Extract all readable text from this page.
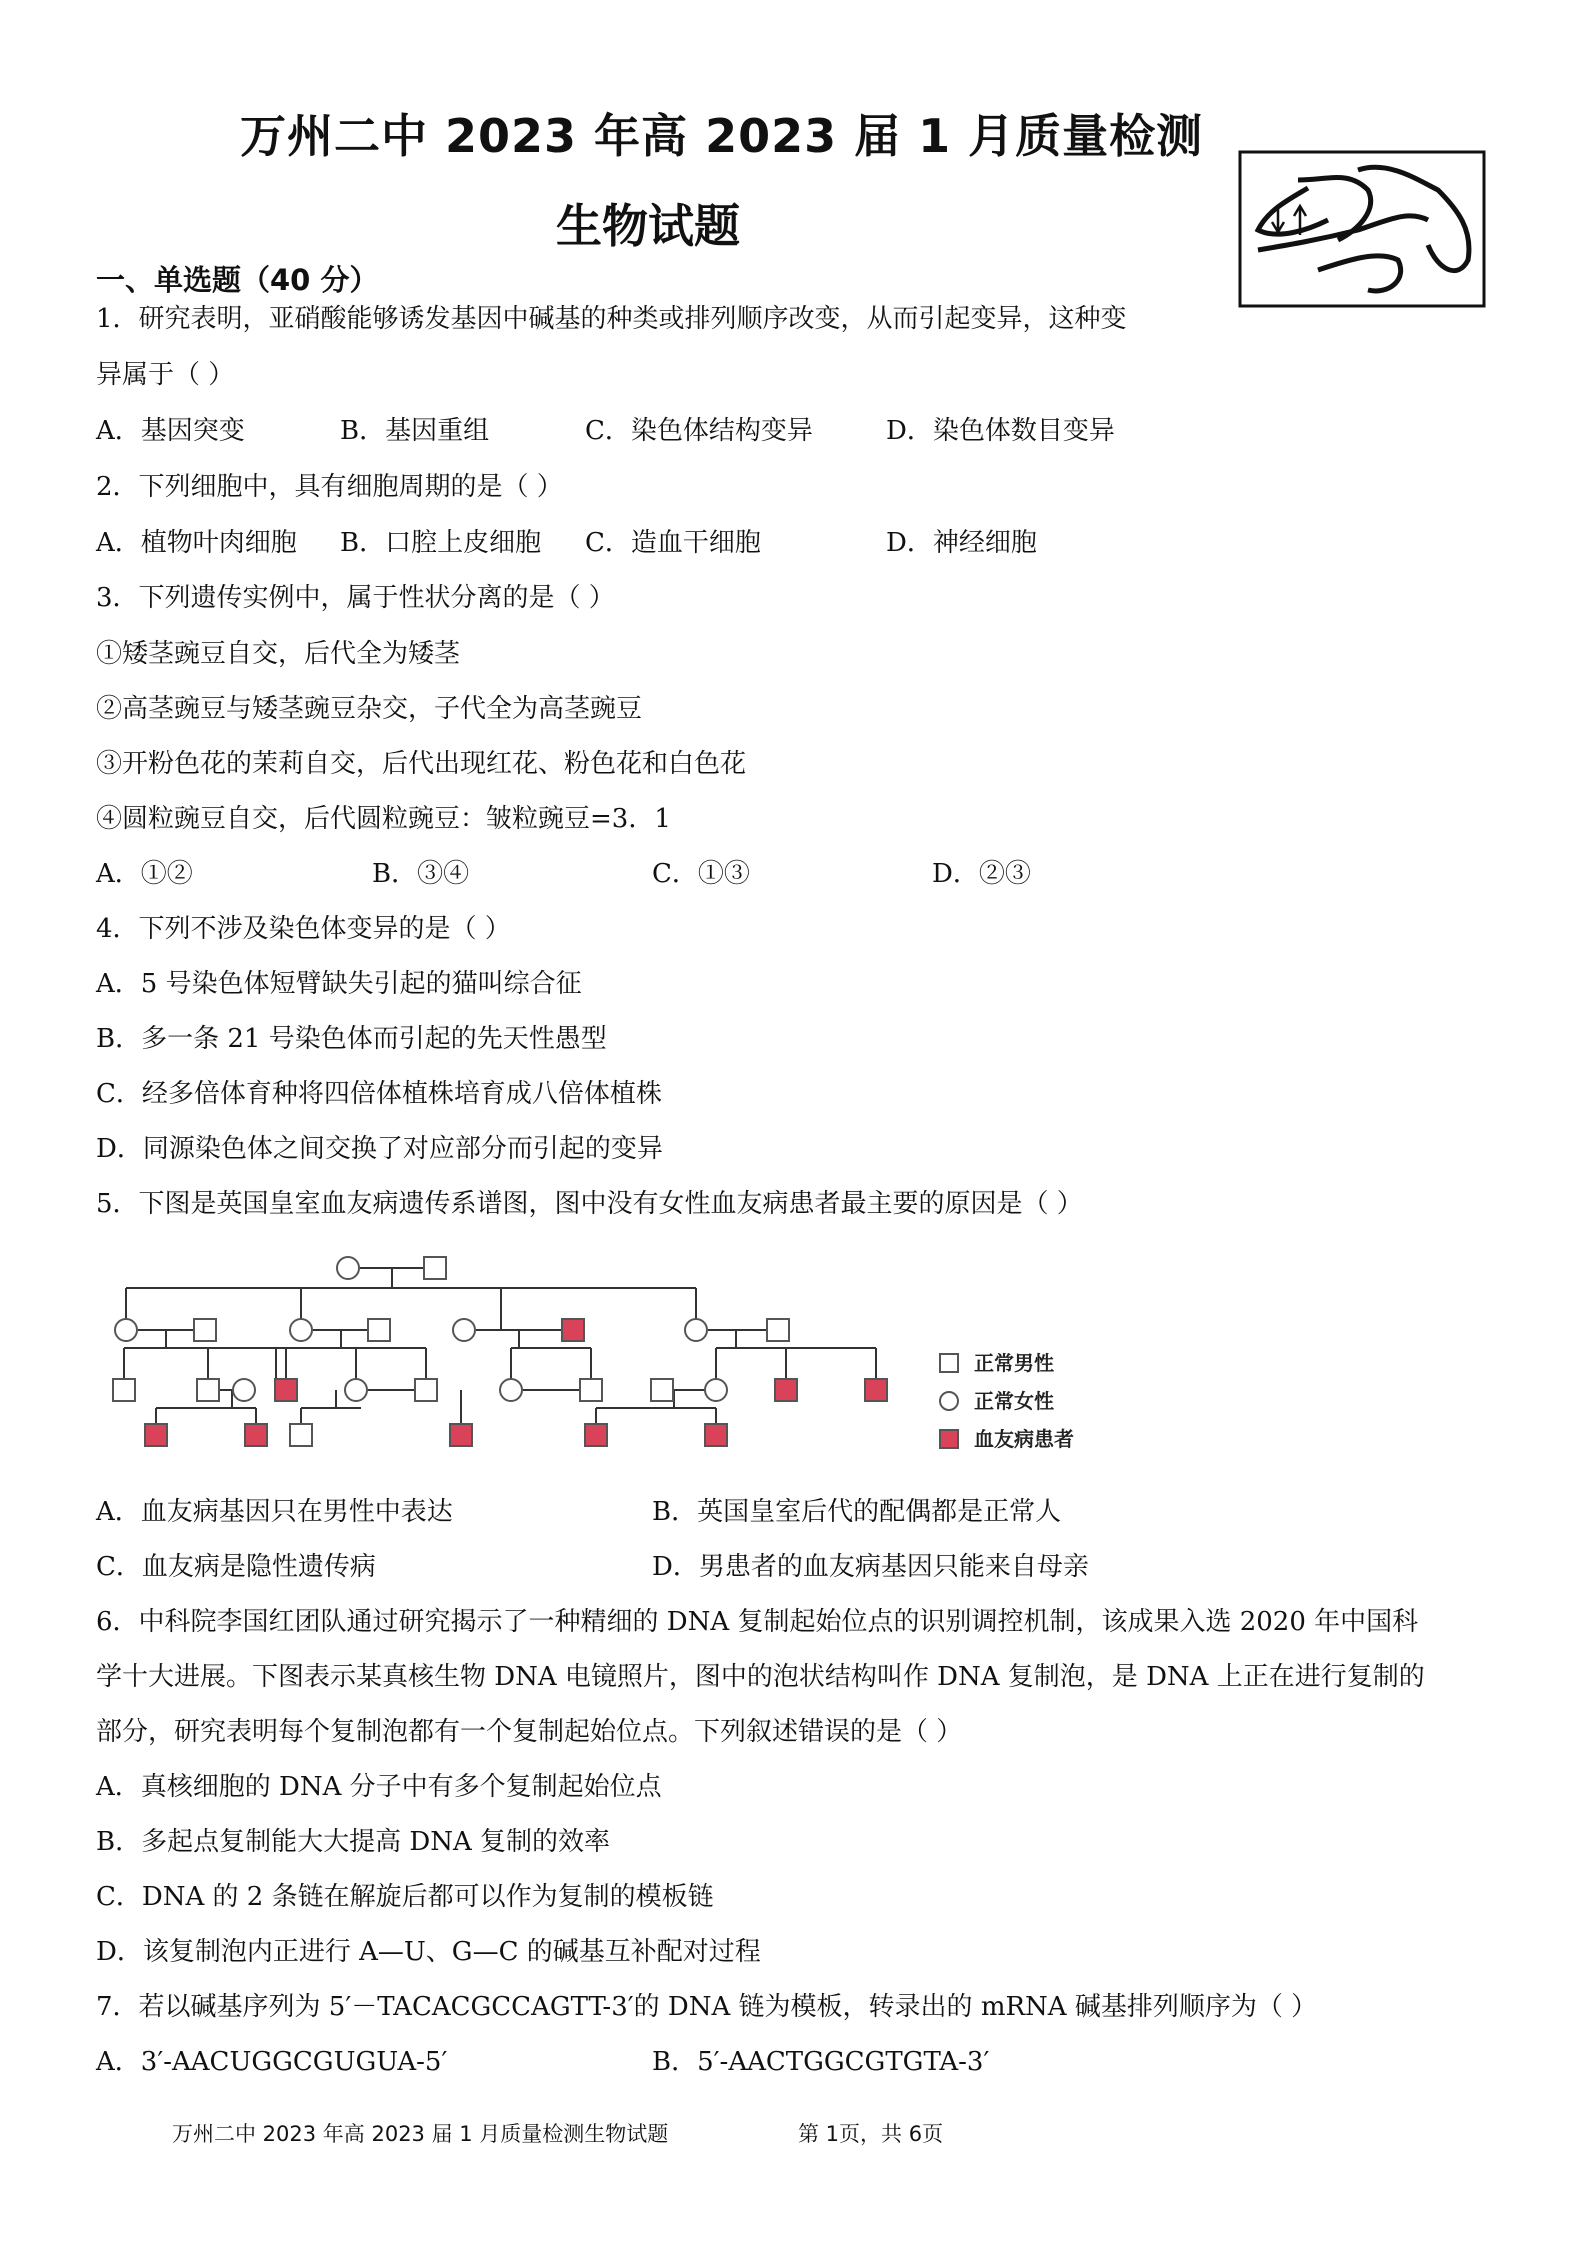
万州二中 2023 年高 2023 届 1 月质量检测
生物试题
一、单选题（40 分）
1．研究表明，亚硝酸能够诱发基因中碱基的种类或排列顺序改变，从而引起变异，这种变
异属于（ ）
A．基因突变	B．基因重组	C．染色体结构变异	D．染色体数目变异
2．下列细胞中，具有细胞周期的是（ ）
A．植物叶肉细胞 B．口腔上皮细胞 C．造血干细胞	D．神经细胞
3．下列遗传实例中，属于性状分离的是（ ）
①矮茎豌豆自交，后代全为矮茎
②高茎豌豆与矮茎豌豆杂交，子代全为高茎豌豆
③开粉色花的茉莉自交，后代出现红花、粉色花和白色花
④圆粒豌豆自交，后代圆粒豌豆：皱粒豌豆=3．1
A．①②	B．③④	C．①③	D．②③
4．下列不涉及染色体变异的是（ ）
A．5 号染色体短臂缺失引起的猫叫综合征
B．多一条 21 号染色体而引起的先天性愚型
C．经多倍体育种将四倍体植株培育成八倍体植株
D．同源染色体之间交换了对应部分而引起的变异
5．下图是英国皇室血友病遗传系谱图，图中没有女性血友病患者最主要的原因是（ ）
正常男性
正常女性
血友病患者
A．血友病基因只在男性中表达	B．英国皇室后代的配偶都是正常人
C．血友病是隐性遗传病	D．男患者的血友病基因只能来自母亲
6．中科院李国红团队通过研究揭示了一种精细的 DNA 复制起始位点的识别调控机制，该成果入选 2020 年中国科
学十大进展。下图表示某真核生物 DNA 电镜照片，图中的泡状结构叫作 DNA 复制泡，是 DNA 上正在进行复制的
部分，研究表明每个复制泡都有一个复制起始位点。下列叙述错误的是（ ）
A．真核细胞的 DNA 分子中有多个复制起始位点
B．多起点复制能大大提高 DNA 复制的效率
C．DNA 的 2 条链在解旋后都可以作为复制的模板链
D．该复制泡内正进行 A—U、G—C 的碱基互补配对过程
7．若以碱基序列为 5′－TACACGCCAGTT-3′的 DNA 链为模板，转录出的 mRNA 碱基排列顺序为（ ）
A．3′-AACUGGCGUGUA-5′	B．5′-AACTGGCGTGTA-3′
万州二中 2023 年高 2023 届 1 月质量检测生物试题	第 1页，共 6页
